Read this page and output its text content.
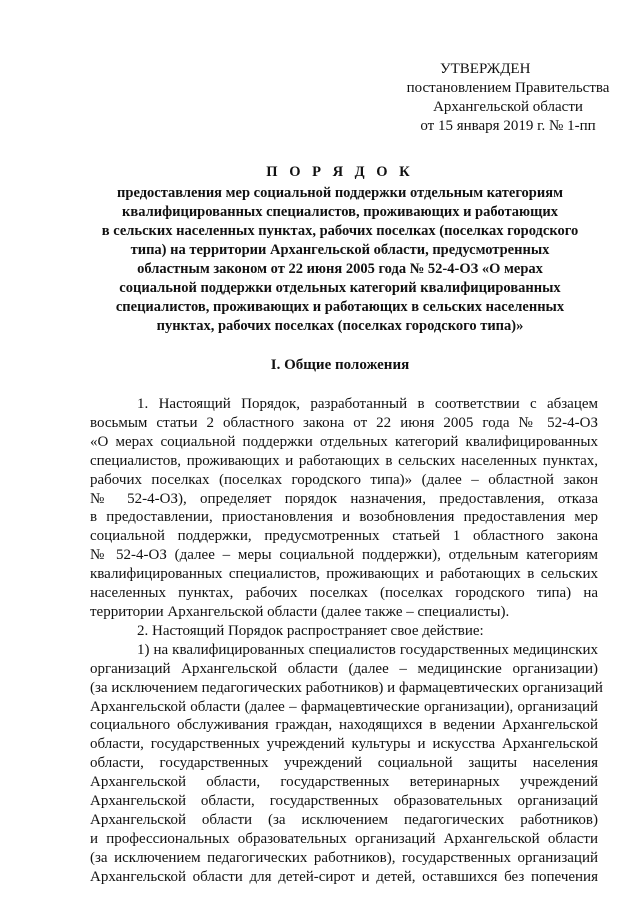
УТВЕРЖДЕН
постановлением Правительства
Архангельской области
от 15 января 2019 г. № 1-пп
П О Р Я Д О К
предоставления мер социальной поддержки отдельным категориям
квалифицированных специалистов, проживающих и работающих
в сельских населенных пунктах, рабочих поселках (поселках городского
типа) на территории Архангельской области, предусмотренных
областным законом от 22 июня 2005 года № 52-4-ОЗ «О мерах
социальной поддержки отдельных категорий квалифицированных
специалистов, проживающих и работающих в сельских населенных
пунктах, рабочих поселках (поселках городского типа)»
I. Общие положения
1. Настоящий Порядок, разработанный в соответствии с абзацем
восьмым статьи 2 областного закона от 22 июня 2005 года № 52-4-ОЗ
«О мерах социальной поддержки отдельных категорий квалифицированных
специалистов, проживающих и работающих в сельских населенных пунктах,
рабочих поселках (поселках городского типа)» (далее – областной закон
№ 52-4-ОЗ), определяет порядок назначения, предоставления, отказа
в предоставлении, приостановления и возобновления предоставления мер
социальной поддержки, предусмотренных статьей 1 областного закона
№ 52-4-ОЗ (далее – меры социальной поддержки), отдельным категориям
квалифицированных специалистов, проживающих и работающих в сельских
населенных пунктах, рабочих поселках (поселках городского типа) на
территории Архангельской области (далее также – специалисты).
2. Настоящий Порядок распространяет свое действие:
1) на квалифицированных специалистов государственных медицинских
организаций Архангельской области (далее – медицинские организации)
(за исключением педагогических работников) и фармацевтических организаций
Архангельской области (далее – фармацевтические организации), организаций
социального обслуживания граждан, находящихся в ведении Архангельской
области, государственных учреждений культуры и искусства Архангельской
области, государственных учреждений социальной защиты населения
Архангельской области, государственных ветеринарных учреждений
Архангельской области, государственных образовательных организаций
Архангельской области (за исключением педагогических работников)
и профессиональных образовательных организаций Архангельской области
(за исключением педагогических работников), государственных организаций
Архангельской области для детей-сирот и детей, оставшихся без попечения
